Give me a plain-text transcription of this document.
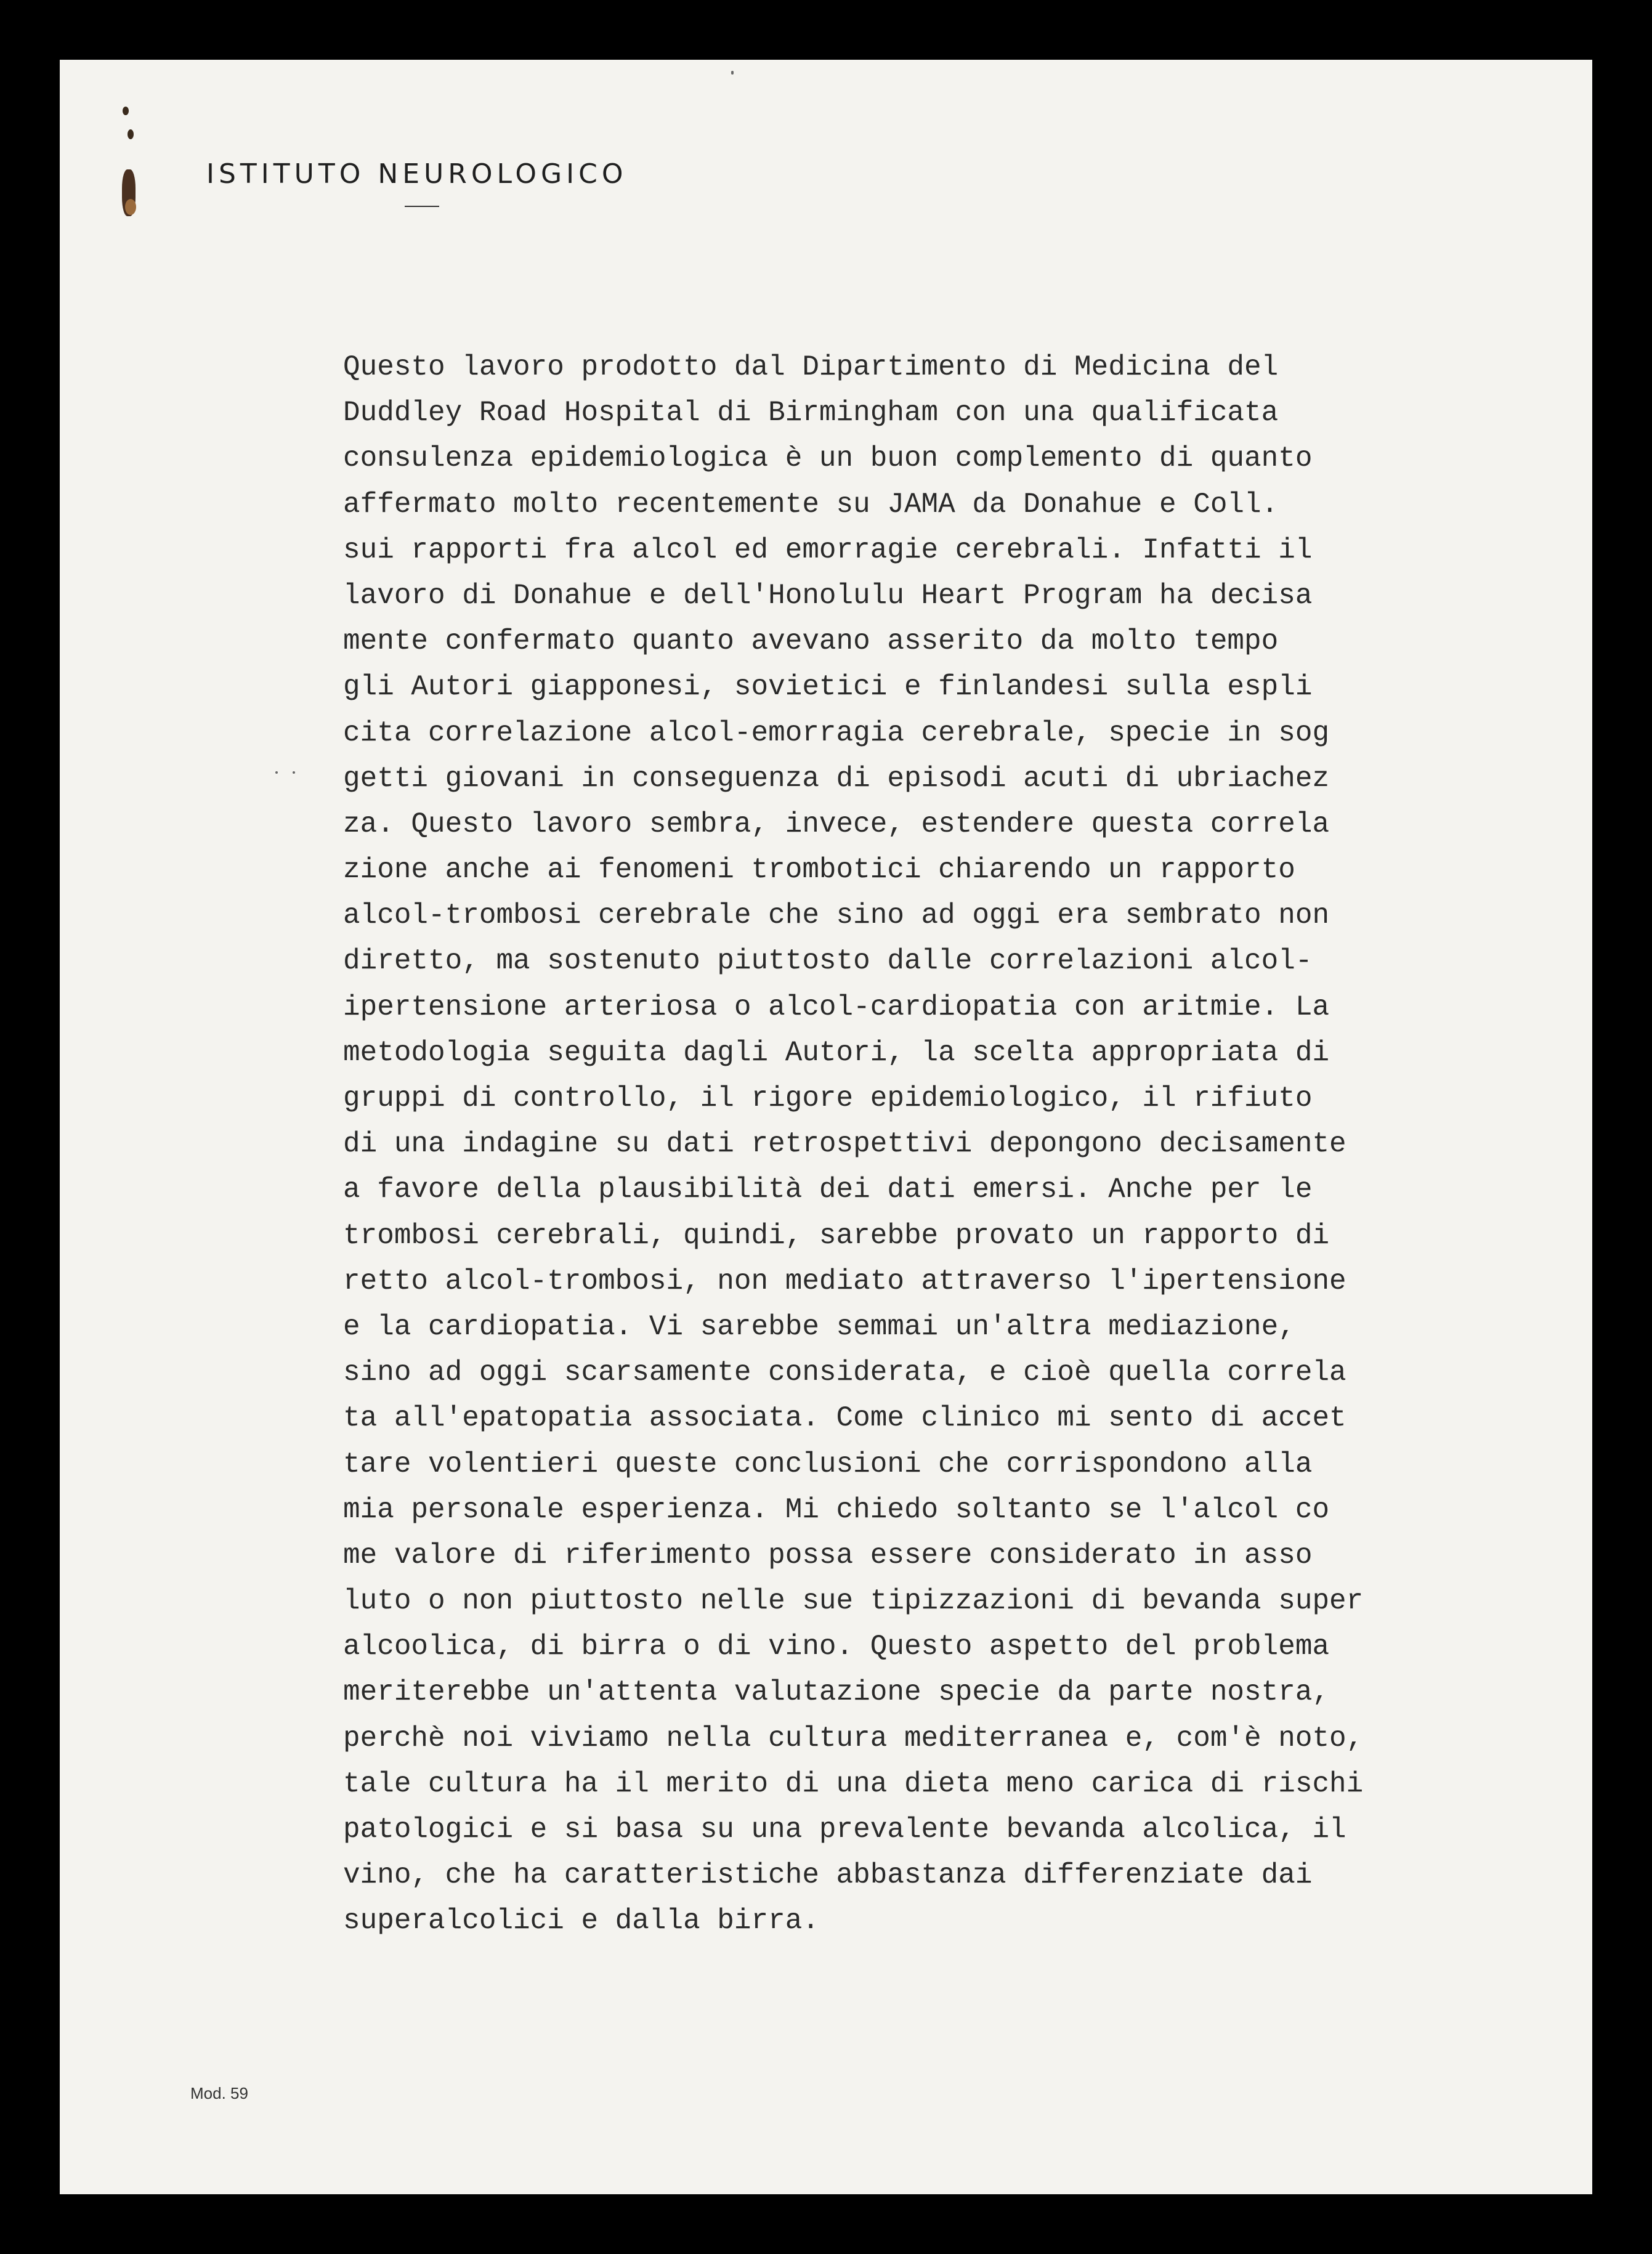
ISTITUTO NEUROLOGICO
Questo lavoro prodotto dal Dipartimento di Medicina del
Duddley Road Hospital di Birmingham con una qualificata
consulenza epidemiologica è un buon complemento di quanto
affermato molto recentemente su JAMA da Donahue e Coll.
sui rapporti fra alcol ed emorragie cerebrali. Infatti il
lavoro di Donahue e dell'Honolulu Heart Program ha decisa
mente confermato quanto avevano asserito da molto tempo
gli Autori giapponesi, sovietici e finlandesi sulla espli
cita correlazione alcol-emorragia cerebrale, specie in sog
getti giovani in conseguenza di episodi acuti di ubriachez
za. Questo lavoro sembra, invece, estendere questa correla
zione anche ai fenomeni trombotici chiarendo un rapporto
alcol-trombosi cerebrale che sino ad oggi era sembrato non
diretto, ma sostenuto piuttosto dalle correlazioni alcol-
ipertensione arteriosa o alcol-cardiopatia con aritmie. La
metodologia seguita dagli Autori, la scelta appropriata di
gruppi di controllo, il rigore epidemiologico, il rifiuto
di una indagine su dati retrospettivi depongono decisamente
a favore della plausibilità dei dati emersi. Anche per le
trombosi cerebrali, quindi, sarebbe provato un rapporto di
retto alcol-trombosi, non mediato attraverso l'ipertensione
e la cardiopatia. Vi sarebbe semmai un'altra mediazione,
sino ad oggi scarsamente considerata, e cioè quella correla
ta all'epatopatia associata. Come clinico mi sento di accet
tare volentieri queste conclusioni che corrispondono alla
mia personale esperienza. Mi chiedo soltanto se l'alcol co
me valore di riferimento possa essere considerato in asso
luto o non piuttosto nelle sue tipizzazioni di bevanda super
alcoolica, di birra o di vino. Questo aspetto del problema
meriterebbe un'attenta valutazione specie da parte nostra,
perchè noi viviamo nella cultura mediterranea e, com'è noto,
tale cultura ha il merito di una dieta meno carica di rischi
patologici e si basa su una prevalente bevanda alcolica, il
vino, che ha caratteristiche abbastanza differenziate dai
superalcolici e dalla birra.
Mod. 59
